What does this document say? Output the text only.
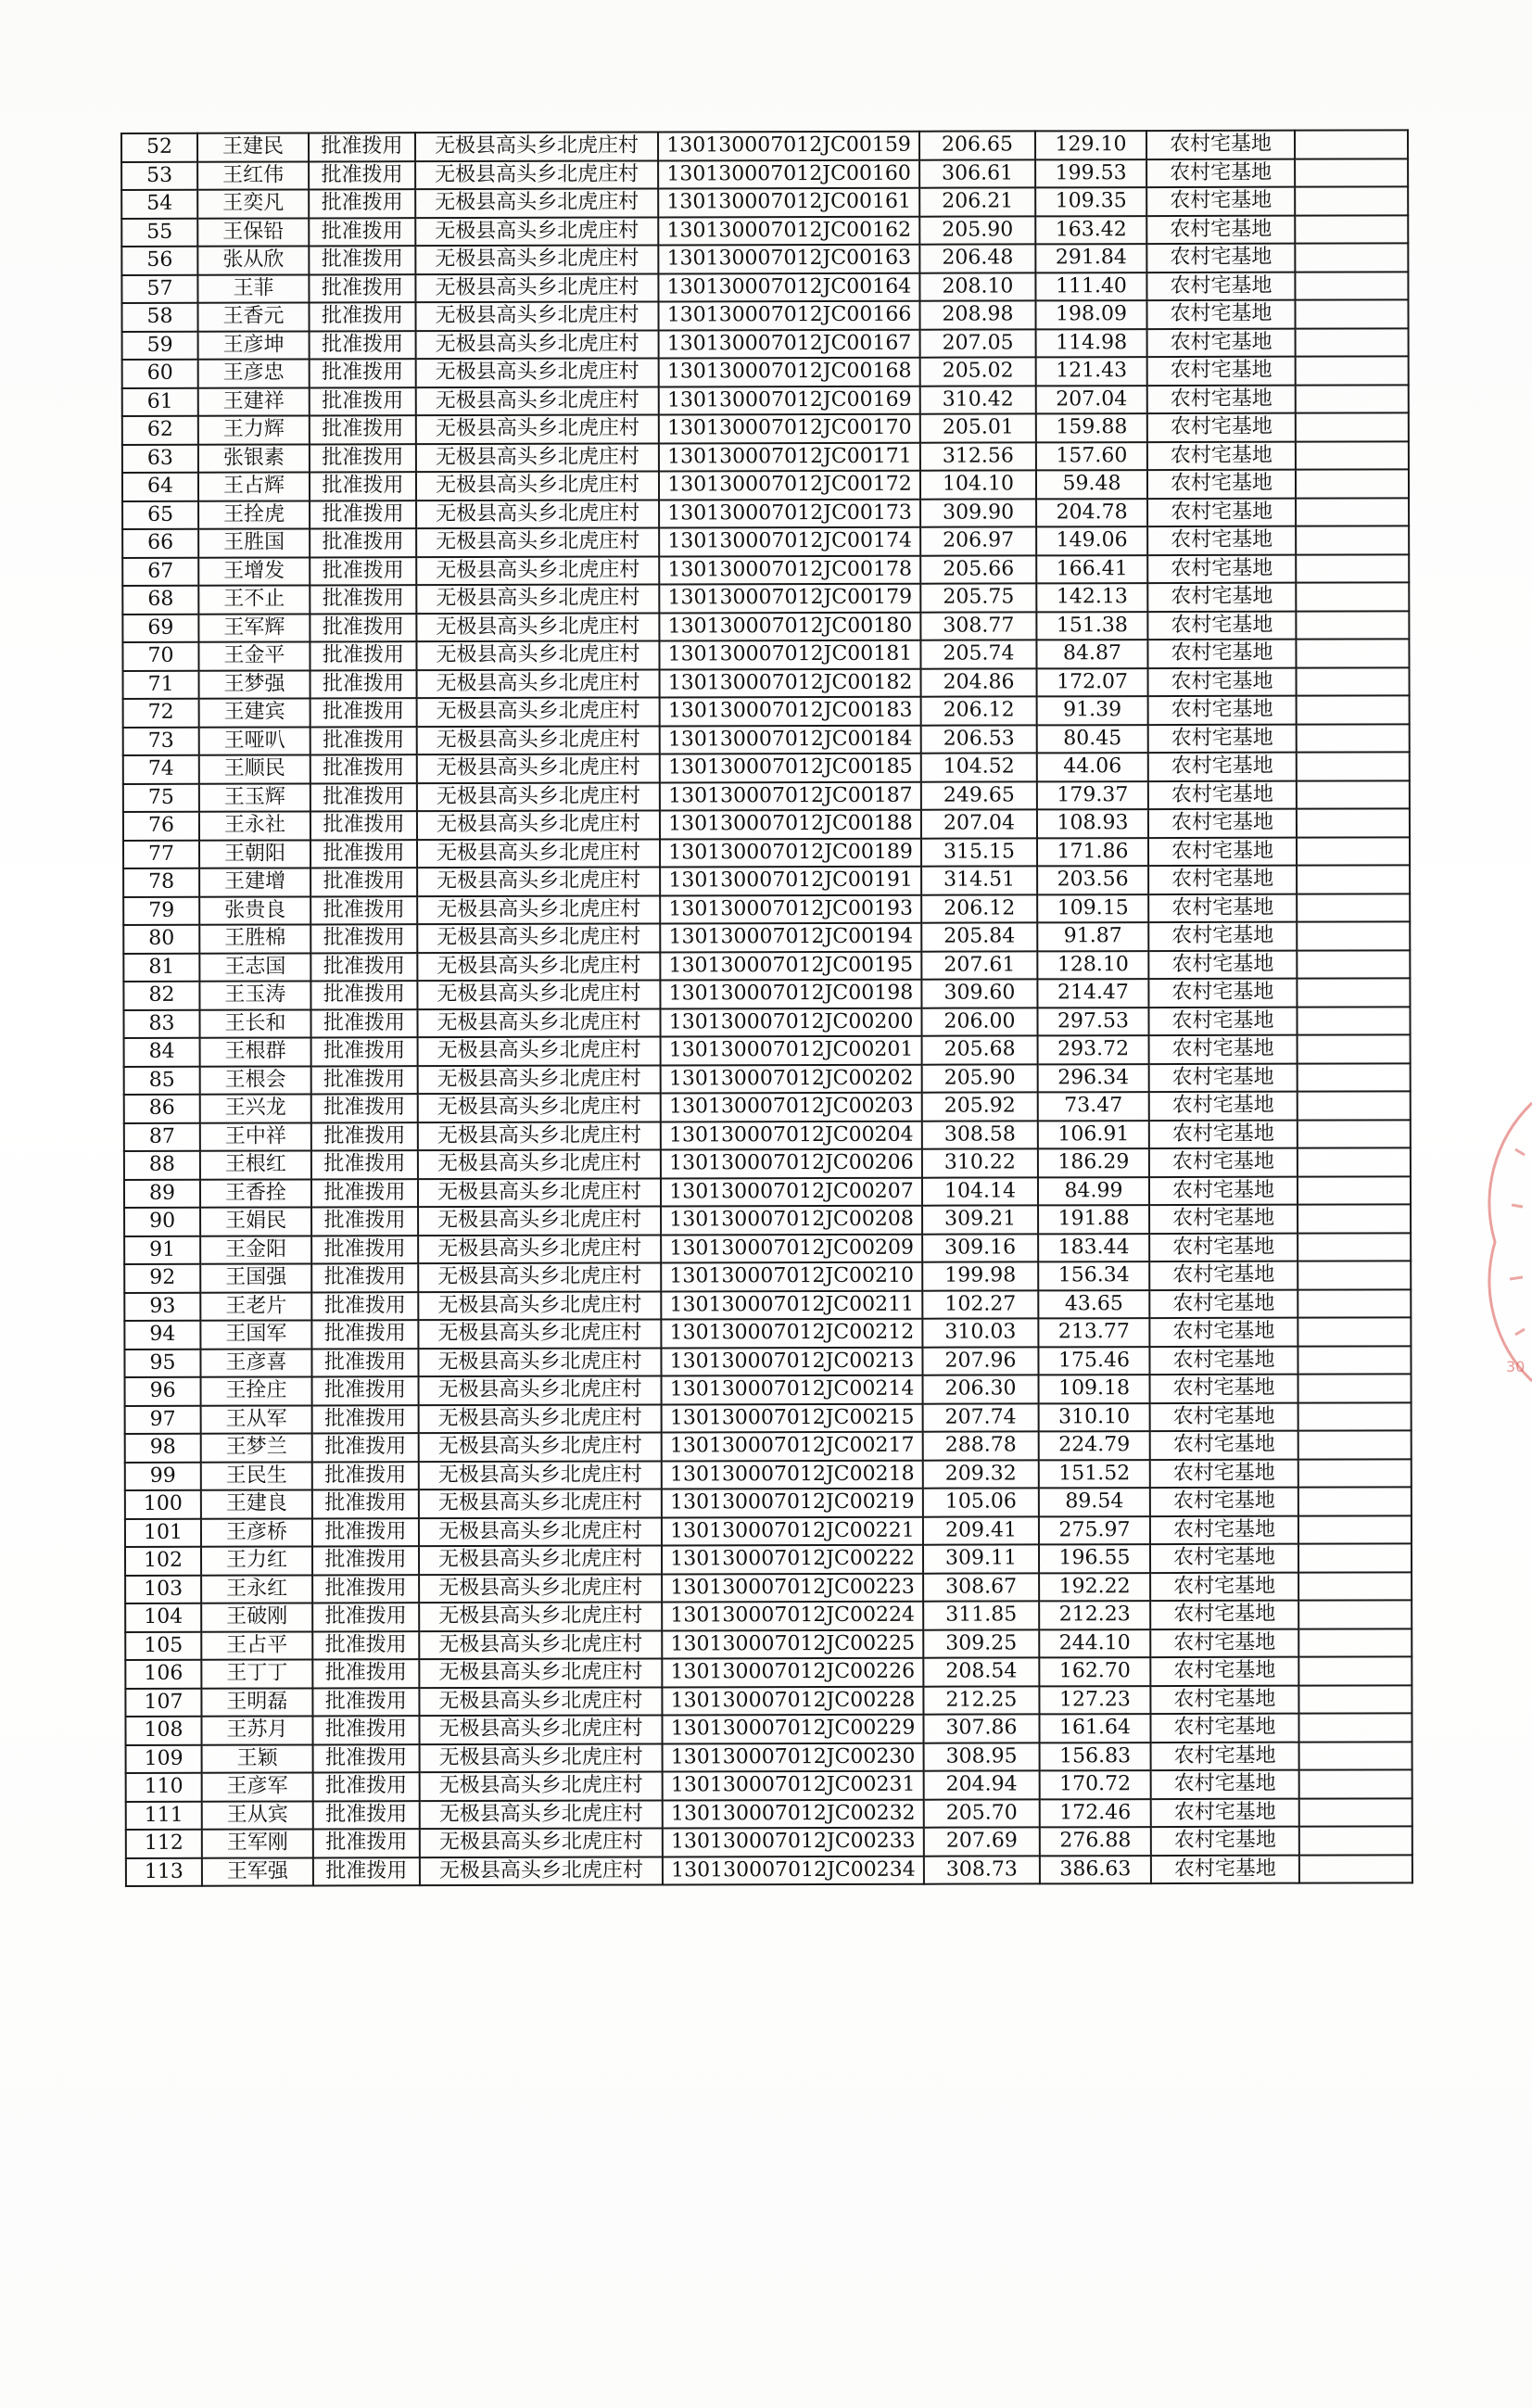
52	王建民	批准拨用	无极县高头乡北虎庄村	130130007012JC00159	206.65	129.10	农村宅基地	
53	王红伟	批准拨用	无极县高头乡北虎庄村	130130007012JC00160	306.61	199.53	农村宅基地	
54	王奕凡	批准拨用	无极县高头乡北虎庄村	130130007012JC00161	206.21	109.35	农村宅基地	
55	王保铅	批准拨用	无极县高头乡北虎庄村	130130007012JC00162	205.90	163.42	农村宅基地	
56	张从欣	批准拨用	无极县高头乡北虎庄村	130130007012JC00163	206.48	291.84	农村宅基地	
57	王菲	批准拨用	无极县高头乡北虎庄村	130130007012JC00164	208.10	111.40	农村宅基地	
58	王香元	批准拨用	无极县高头乡北虎庄村	130130007012JC00166	208.98	198.09	农村宅基地	
59	王彦坤	批准拨用	无极县高头乡北虎庄村	130130007012JC00167	207.05	114.98	农村宅基地	
60	王彦忠	批准拨用	无极县高头乡北虎庄村	130130007012JC00168	205.02	121.43	农村宅基地	
61	王建祥	批准拨用	无极县高头乡北虎庄村	130130007012JC00169	310.42	207.04	农村宅基地	
62	王力辉	批准拨用	无极县高头乡北虎庄村	130130007012JC00170	205.01	159.88	农村宅基地	
63	张银素	批准拨用	无极县高头乡北虎庄村	130130007012JC00171	312.56	157.60	农村宅基地	
64	王占辉	批准拨用	无极县高头乡北虎庄村	130130007012JC00172	104.10	59.48	农村宅基地	
65	王拴虎	批准拨用	无极县高头乡北虎庄村	130130007012JC00173	309.90	204.78	农村宅基地	
66	王胜国	批准拨用	无极县高头乡北虎庄村	130130007012JC00174	206.97	149.06	农村宅基地	
67	王增发	批准拨用	无极县高头乡北虎庄村	130130007012JC00178	205.66	166.41	农村宅基地	
68	王不止	批准拨用	无极县高头乡北虎庄村	130130007012JC00179	205.75	142.13	农村宅基地	
69	王军辉	批准拨用	无极县高头乡北虎庄村	130130007012JC00180	308.77	151.38	农村宅基地	
70	王金平	批准拨用	无极县高头乡北虎庄村	130130007012JC00181	205.74	84.87	农村宅基地	
71	王梦强	批准拨用	无极县高头乡北虎庄村	130130007012JC00182	204.86	172.07	农村宅基地	
72	王建宾	批准拨用	无极县高头乡北虎庄村	130130007012JC00183	206.12	91.39	农村宅基地	
73	王哑叭	批准拨用	无极县高头乡北虎庄村	130130007012JC00184	206.53	80.45	农村宅基地	
74	王顺民	批准拨用	无极县高头乡北虎庄村	130130007012JC00185	104.52	44.06	农村宅基地	
75	王玉辉	批准拨用	无极县高头乡北虎庄村	130130007012JC00187	249.65	179.37	农村宅基地	
76	王永社	批准拨用	无极县高头乡北虎庄村	130130007012JC00188	207.04	108.93	农村宅基地	
77	王朝阳	批准拨用	无极县高头乡北虎庄村	130130007012JC00189	315.15	171.86	农村宅基地	
78	王建增	批准拨用	无极县高头乡北虎庄村	130130007012JC00191	314.51	203.56	农村宅基地	
79	张贵良	批准拨用	无极县高头乡北虎庄村	130130007012JC00193	206.12	109.15	农村宅基地	
80	王胜棉	批准拨用	无极县高头乡北虎庄村	130130007012JC00194	205.84	91.87	农村宅基地	
81	王志国	批准拨用	无极县高头乡北虎庄村	130130007012JC00195	207.61	128.10	农村宅基地	
82	王玉涛	批准拨用	无极县高头乡北虎庄村	130130007012JC00198	309.60	214.47	农村宅基地	
83	王长和	批准拨用	无极县高头乡北虎庄村	130130007012JC00200	206.00	297.53	农村宅基地	
84	王根群	批准拨用	无极县高头乡北虎庄村	130130007012JC00201	205.68	293.72	农村宅基地	
85	王根会	批准拨用	无极县高头乡北虎庄村	130130007012JC00202	205.90	296.34	农村宅基地	
86	王兴龙	批准拨用	无极县高头乡北虎庄村	130130007012JC00203	205.92	73.47	农村宅基地	
87	王中祥	批准拨用	无极县高头乡北虎庄村	130130007012JC00204	308.58	106.91	农村宅基地	
88	王根红	批准拨用	无极县高头乡北虎庄村	130130007012JC00206	310.22	186.29	农村宅基地	
89	王香拴	批准拨用	无极县高头乡北虎庄村	130130007012JC00207	104.14	84.99	农村宅基地	
90	王娟民	批准拨用	无极县高头乡北虎庄村	130130007012JC00208	309.21	191.88	农村宅基地	
91	王金阳	批准拨用	无极县高头乡北虎庄村	130130007012JC00209	309.16	183.44	农村宅基地	
92	王国强	批准拨用	无极县高头乡北虎庄村	130130007012JC00210	199.98	156.34	农村宅基地	
93	王老片	批准拨用	无极县高头乡北虎庄村	130130007012JC00211	102.27	43.65	农村宅基地	
94	王国军	批准拨用	无极县高头乡北虎庄村	130130007012JC00212	310.03	213.77	农村宅基地	
95	王彦喜	批准拨用	无极县高头乡北虎庄村	130130007012JC00213	207.96	175.46	农村宅基地	
96	王拴庄	批准拨用	无极县高头乡北虎庄村	130130007012JC00214	206.30	109.18	农村宅基地	
97	王从军	批准拨用	无极县高头乡北虎庄村	130130007012JC00215	207.74	310.10	农村宅基地	
98	王梦兰	批准拨用	无极县高头乡北虎庄村	130130007012JC00217	288.78	224.79	农村宅基地	
99	王民生	批准拨用	无极县高头乡北虎庄村	130130007012JC00218	209.32	151.52	农村宅基地	
100	王建良	批准拨用	无极县高头乡北虎庄村	130130007012JC00219	105.06	89.54	农村宅基地	
101	王彦桥	批准拨用	无极县高头乡北虎庄村	130130007012JC00221	209.41	275.97	农村宅基地	
102	王力红	批准拨用	无极县高头乡北虎庄村	130130007012JC00222	309.11	196.55	农村宅基地	
103	王永红	批准拨用	无极县高头乡北虎庄村	130130007012JC00223	308.67	192.22	农村宅基地	
104	王破刚	批准拨用	无极县高头乡北虎庄村	130130007012JC00224	311.85	212.23	农村宅基地	
105	王占平	批准拨用	无极县高头乡北虎庄村	130130007012JC00225	309.25	244.10	农村宅基地	
106	王丁丁	批准拨用	无极县高头乡北虎庄村	130130007012JC00226	208.54	162.70	农村宅基地	
107	王明磊	批准拨用	无极县高头乡北虎庄村	130130007012JC00228	212.25	127.23	农村宅基地	
108	王苏月	批准拨用	无极县高头乡北虎庄村	130130007012JC00229	307.86	161.64	农村宅基地	
109	王颖	批准拨用	无极县高头乡北虎庄村	130130007012JC00230	308.95	156.83	农村宅基地	
110	王彦军	批准拨用	无极县高头乡北虎庄村	130130007012JC00231	204.94	170.72	农村宅基地	
111	王从宾	批准拨用	无极县高头乡北虎庄村	130130007012JC00232	205.70	172.46	农村宅基地	
112	王军刚	批准拨用	无极县高头乡北虎庄村	130130007012JC00233	207.69	276.88	农村宅基地	
113	王军强	批准拨用	无极县高头乡北虎庄村	130130007012JC00234	308.73	386.63	农村宅基地	
30
